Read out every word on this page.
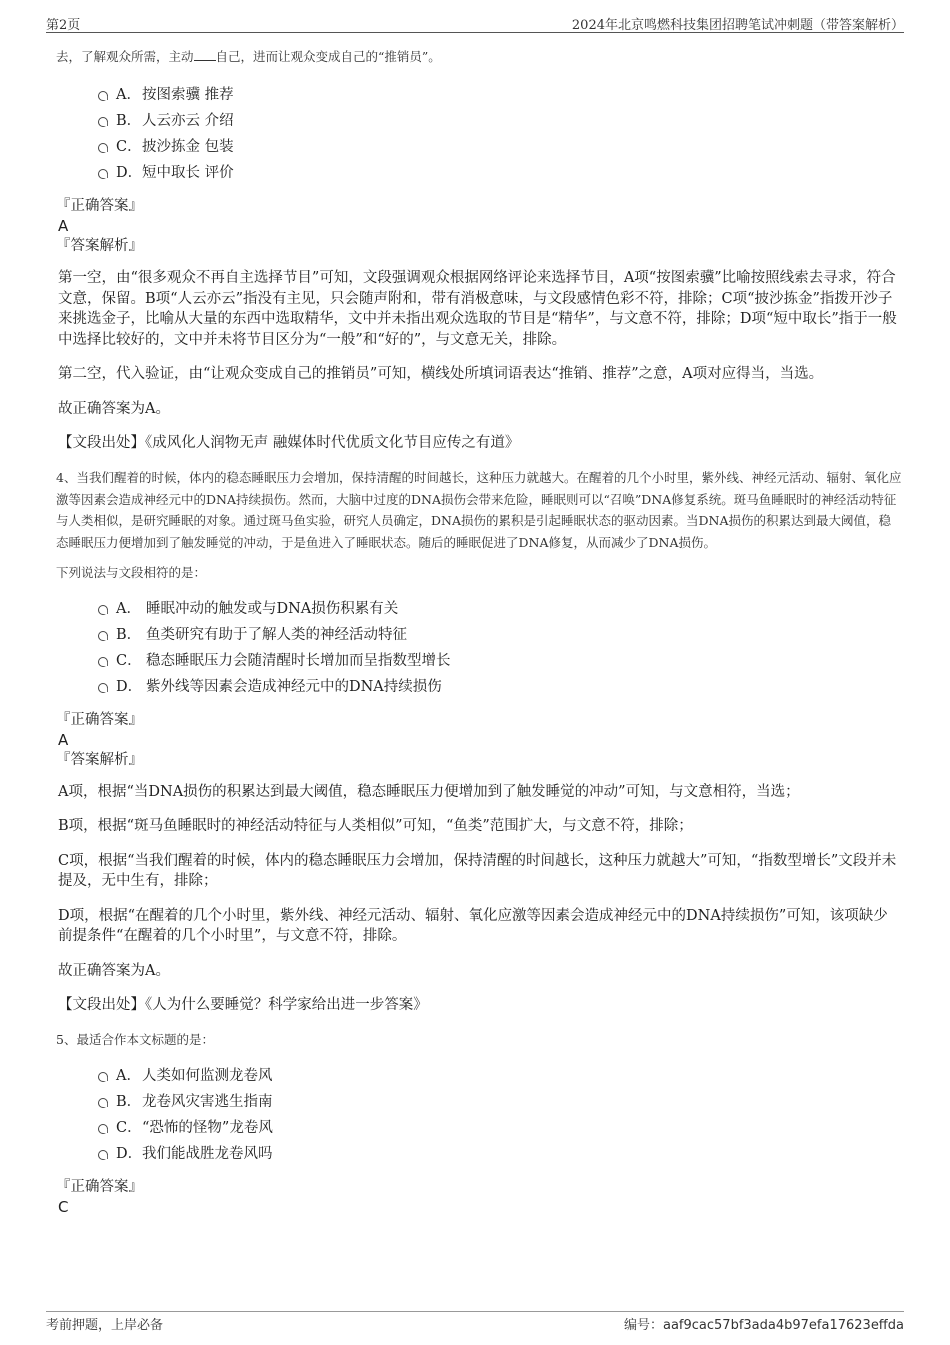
第2页	2024年北京鸣燃科技集团招聘笔试冲刺题（带答案解析）

去，了解观众所需，主动 自己，进而让观众变成自己的“推销员”。

A．按图索骥 推荐
B．人云亦云 介绍
C．披沙拣金 包装
D．短中取长 评价

『正确答案』

A

『答案解析』

第一空，由“很多观众不再自主选择节目”可知，文段强调观众根据网络评论来选择节目，A项“按图索骥”比喻按照线索去寻求，符合文意，保留。B项“人云亦云”指没有主见，只会随声附和，带有消极意味，与文段感情色彩不符，排除；C项“披沙拣金”指拨开沙子来挑选金子，比喻从大量的东西中选取精华，文中并未指出观众选取的节目是“精华”，与文意不符，排除；D项“短中取长”指于一般中选择比较好的，文中并未将节目区分为“一般”和“好的”，与文意无关，排除。

第二空，代入验证，由“让观众变成自己的推销员”可知，横线处所填词语表达“推销、推荐”之意，A项对应得当，当选。

故正确答案为A。

【文段出处】《成风化人润物无声 融媒体时代优质文化节目应传之有道》

4、当我们醒着的时候，体内的稳态睡眠压力会增加，保持清醒的时间越长，这种压力就越大。在醒着的几个小时里，紫外线、神经元活动、辐射、氧化应激等因素会造成神经元中的DNA持续损伤。然而，大脑中过度的DNA损伤会带来危险，睡眠则可以“召唤”DNA修复系统。斑马鱼睡眠时的神经活动特征与人类相似，是研究睡眠的对象。通过斑马鱼实验，研究人员确定，DNA损伤的累积是引起睡眠状态的驱动因素。当DNA损伤的积累达到最大阈值，稳态睡眠压力便增加到了触发睡觉的冲动，于是鱼进入了睡眠状态。随后的睡眠促进了DNA修复，从而减少了DNA损伤。

下列说法与文段相符的是：

A． 睡眠冲动的触发或与DNA损伤积累有关
B． 鱼类研究有助于了解人类的神经活动特征
C． 稳态睡眠压力会随清醒时长增加而呈指数型增长
D． 紫外线等因素会造成神经元中的DNA持续损伤

『正确答案』

A

『答案解析』

A项，根据“当DNA损伤的积累达到最大阈值，稳态睡眠压力便增加到了触发睡觉的冲动”可知，与文意相符，当选；

B项，根据“斑马鱼睡眠时的神经活动特征与人类相似”可知，“鱼类”范围扩大，与文意不符，排除；

C项，根据“当我们醒着的时候，体内的稳态睡眠压力会增加，保持清醒的时间越长，这种压力就越大”可知，“指数型增长”文段并未提及，无中生有，排除；

D项，根据“在醒着的几个小时里，紫外线、神经元活动、辐射、氧化应激等因素会造成神经元中的DNA持续损伤”可知，该项缺少前提条件“在醒着的几个小时里”，与文意不符，排除。

故正确答案为A。

【文段出处】《人为什么要睡觉？科学家给出进一步答案》

5、最适合作本文标题的是：

A．人类如何监测龙卷风
B．龙卷风灾害逃生指南
C．“恐怖的怪物”龙卷风
D．我们能战胜龙卷风吗

『正确答案』

C

考前押题，上岸必备	编号：aaf9cac57bf3ada4b97efa17623effda
